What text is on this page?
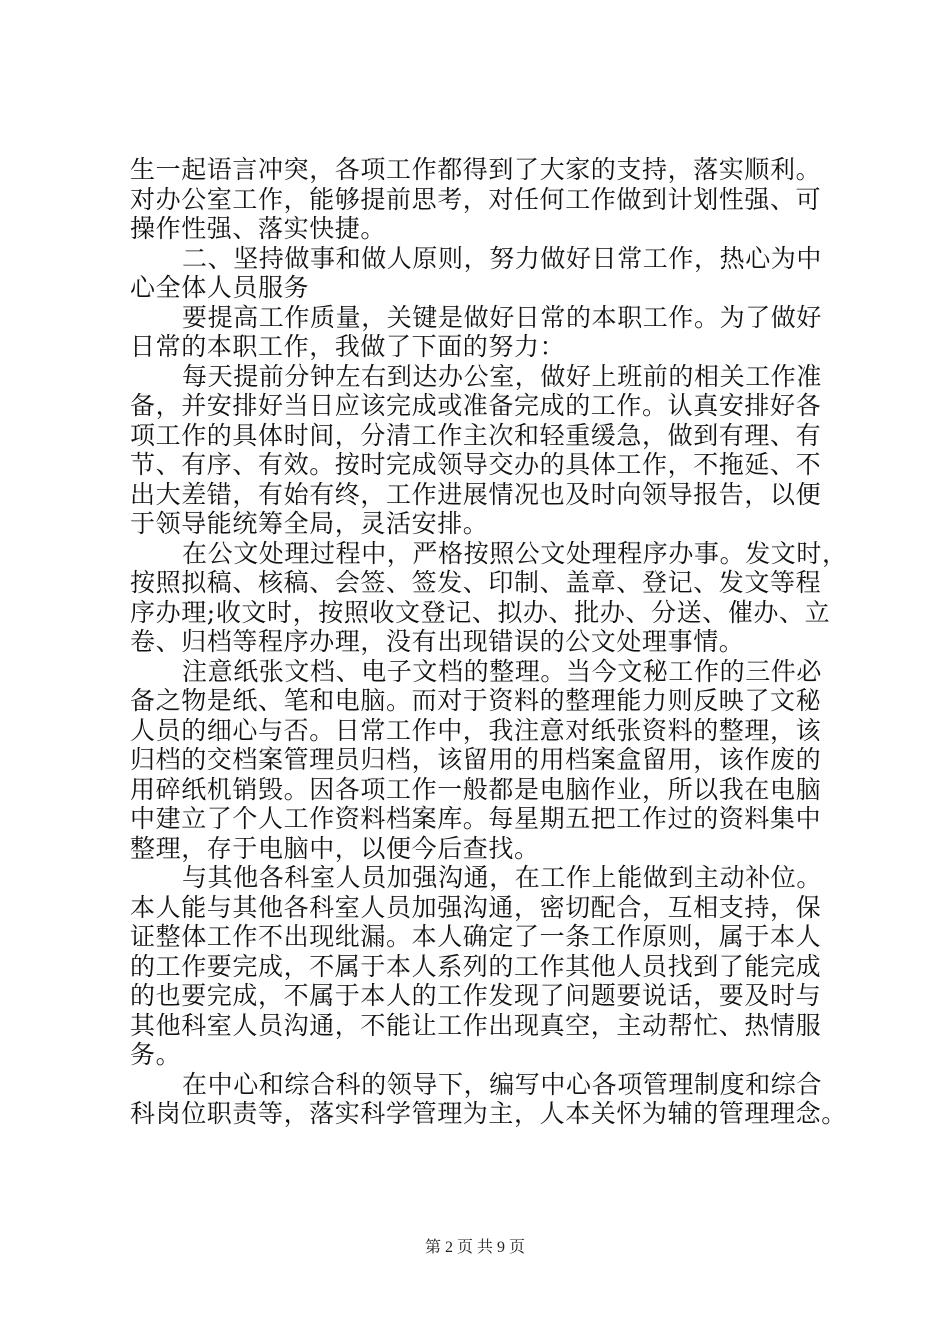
生一起语言冲突，各项工作都得到了大家的支持，落实顺利。
对办公室工作，能够提前思考，对任何工作做到计划性强、可
操作性强、落实快捷。
二、坚持做事和做人原则，努力做好日常工作，热心为中
心全体人员服务
要提高工作质量，关键是做好日常的本职工作。为了做好
日常的本职工作，我做了下面的努力：
每天提前分钟左右到达办公室，做好上班前的相关工作准
备，并安排好当日应该完成或准备完成的工作。认真安排好各
项工作的具体时间，分清工作主次和轻重缓急，做到有理、有
节、有序、有效。按时完成领导交办的具体工作，不拖延、不
出大差错，有始有终，工作进展情况也及时向领导报告，以便
于领导能统筹全局，灵活安排。
在公文处理过程中，严格按照公文处理程序办事。发文时，
按照拟稿、核稿、会签、签发、印制、盖章、登记、发文等程
序办理;收文时，按照收文登记、拟办、批办、分送、催办、立
卷、归档等程序办理，没有出现错误的公文处理事情。
注意纸张文档、电子文档的整理。当今文秘工作的三件必
备之物是纸、笔和电脑。而对于资料的整理能力则反映了文秘
人员的细心与否。日常工作中，我注意对纸张资料的整理，该
归档的交档案管理员归档，该留用的用档案盒留用，该作废的
用碎纸机销毁。因各项工作一般都是电脑作业，所以我在电脑
中建立了个人工作资料档案库。每星期五把工作过的资料集中
整理，存于电脑中，以便今后查找。
与其他各科室人员加强沟通，在工作上能做到主动补位。
本人能与其他各科室人员加强沟通，密切配合，互相支持，保
证整体工作不出现纰漏。本人确定了一条工作原则，属于本人
的工作要完成，不属于本人系列的工作其他人员找到了能完成
的也要完成，不属于本人的工作发现了问题要说话，要及时与
其他科室人员沟通，不能让工作出现真空，主动帮忙、热情服
务。
在中心和综合科的领导下，编写中心各项管理制度和综合
科岗位职责等，落实科学管理为主，人本关怀为辅的管理理念。
第 2 页 共 9 页
